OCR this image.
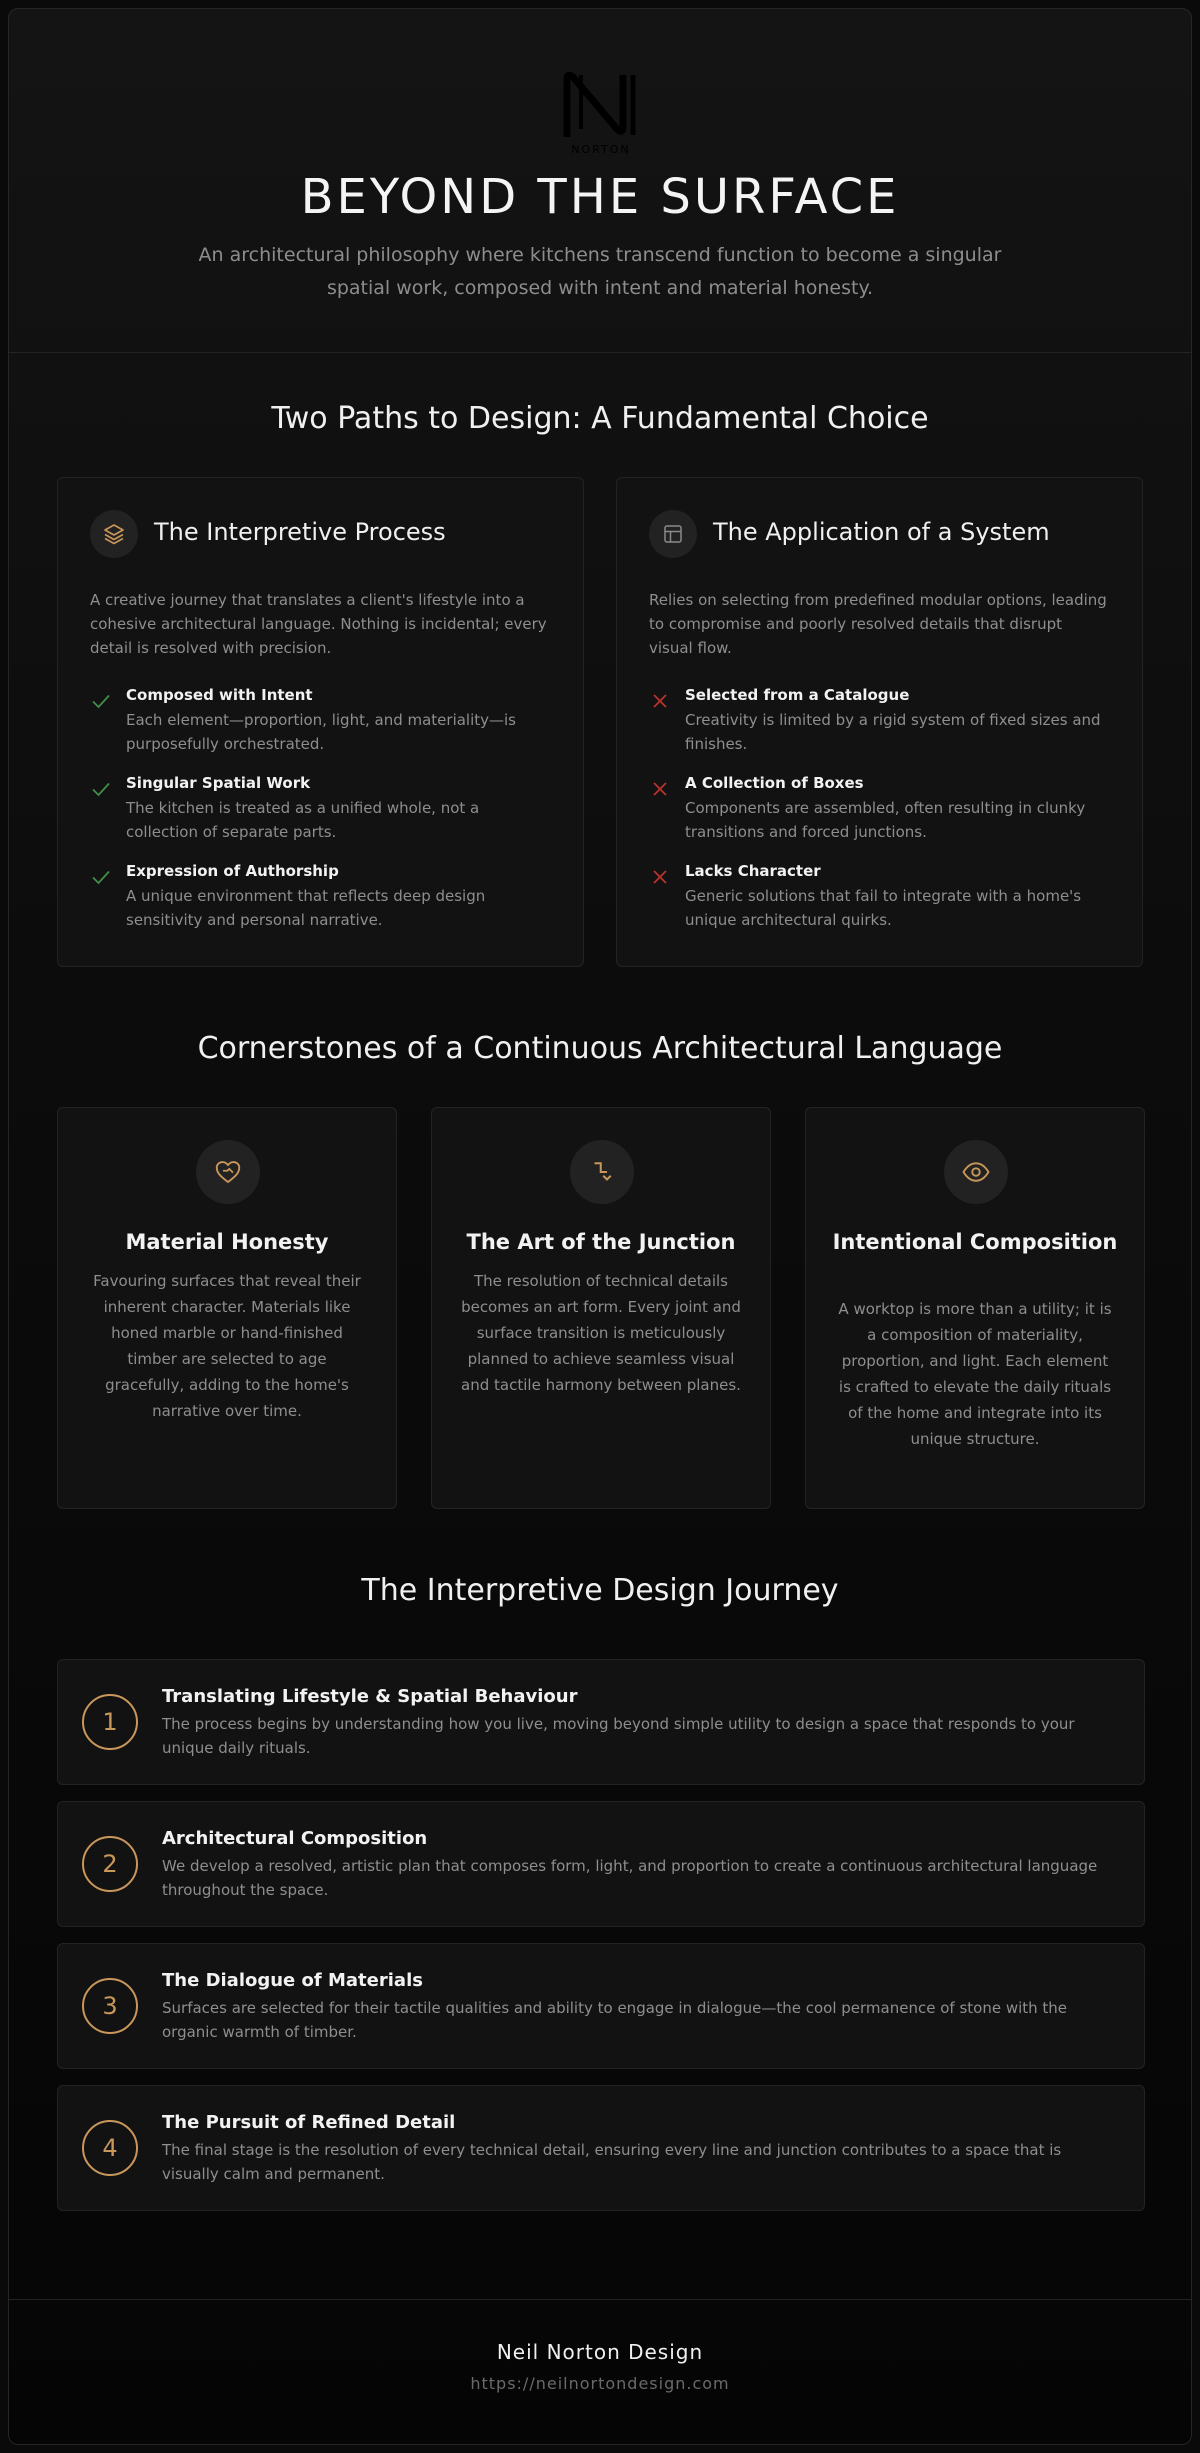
NORTON
BEYOND THE SURFACE

An architectural philosophy where kitchens transcend function to become a singular spatial work, composed with intent and material honesty.

Two Paths to Design: A Fundamental Choice
The Interpretive Process

A creative journey that translates a client's lifestyle into a cohesive architectural language. Nothing is incidental; every detail is resolved with precision.

Composed with Intent
Each element—proportion, light, and materiality—is purposefully orchestrated.
Singular Spatial Work
The kitchen is treated as a unified whole, not a collection of separate parts.
Expression of Authorship
A unique environment that reflects deep design sensitivity and personal narrative.
The Application of a System

Relies on selecting from predefined modular options, leading to compromise and poorly resolved details that disrupt visual flow.

Selected from a Catalogue
Creativity is limited by a rigid system of fixed sizes and finishes.
A Collection of Boxes
Components are assembled, often resulting in clunky transitions and forced junctions.
Lacks Character
Generic solutions that fail to integrate with a home's unique architectural quirks.
Cornerstones of a Continuous Architectural Language
Material Honesty

Favouring surfaces that reveal their inherent character. Materials like honed marble or hand-finished timber are selected to age gracefully, adding to the home's narrative over time.

The Art of the Junction

The resolution of technical details becomes an art form. Every joint and surface transition is meticulously planned to achieve seamless visual and tactile harmony between planes.

Intentional Composition

A worktop is more than a utility; it is a composition of materiality, proportion, and light. Each element is crafted to elevate the daily rituals of the home and integrate into its unique structure.

The Interpretive Design Journey
1
Translating Lifestyle & Spatial Behaviour
The process begins by understanding how you live, moving beyond simple utility to design a space that responds to your unique daily rituals.
2
Architectural Composition
We develop a resolved, artistic plan that composes form, light, and proportion to create a continuous architectural language throughout the space.
3
The Dialogue of Materials
Surfaces are selected for their tactile qualities and ability to engage in dialogue—the cool permanence of stone with the organic warmth of timber.
4
The Pursuit of Refined Detail
The final stage is the resolution of every technical detail, ensuring every line and junction contributes to a space that is visually calm and permanent.
Neil Norton Design
https://neilnortondesign.com
